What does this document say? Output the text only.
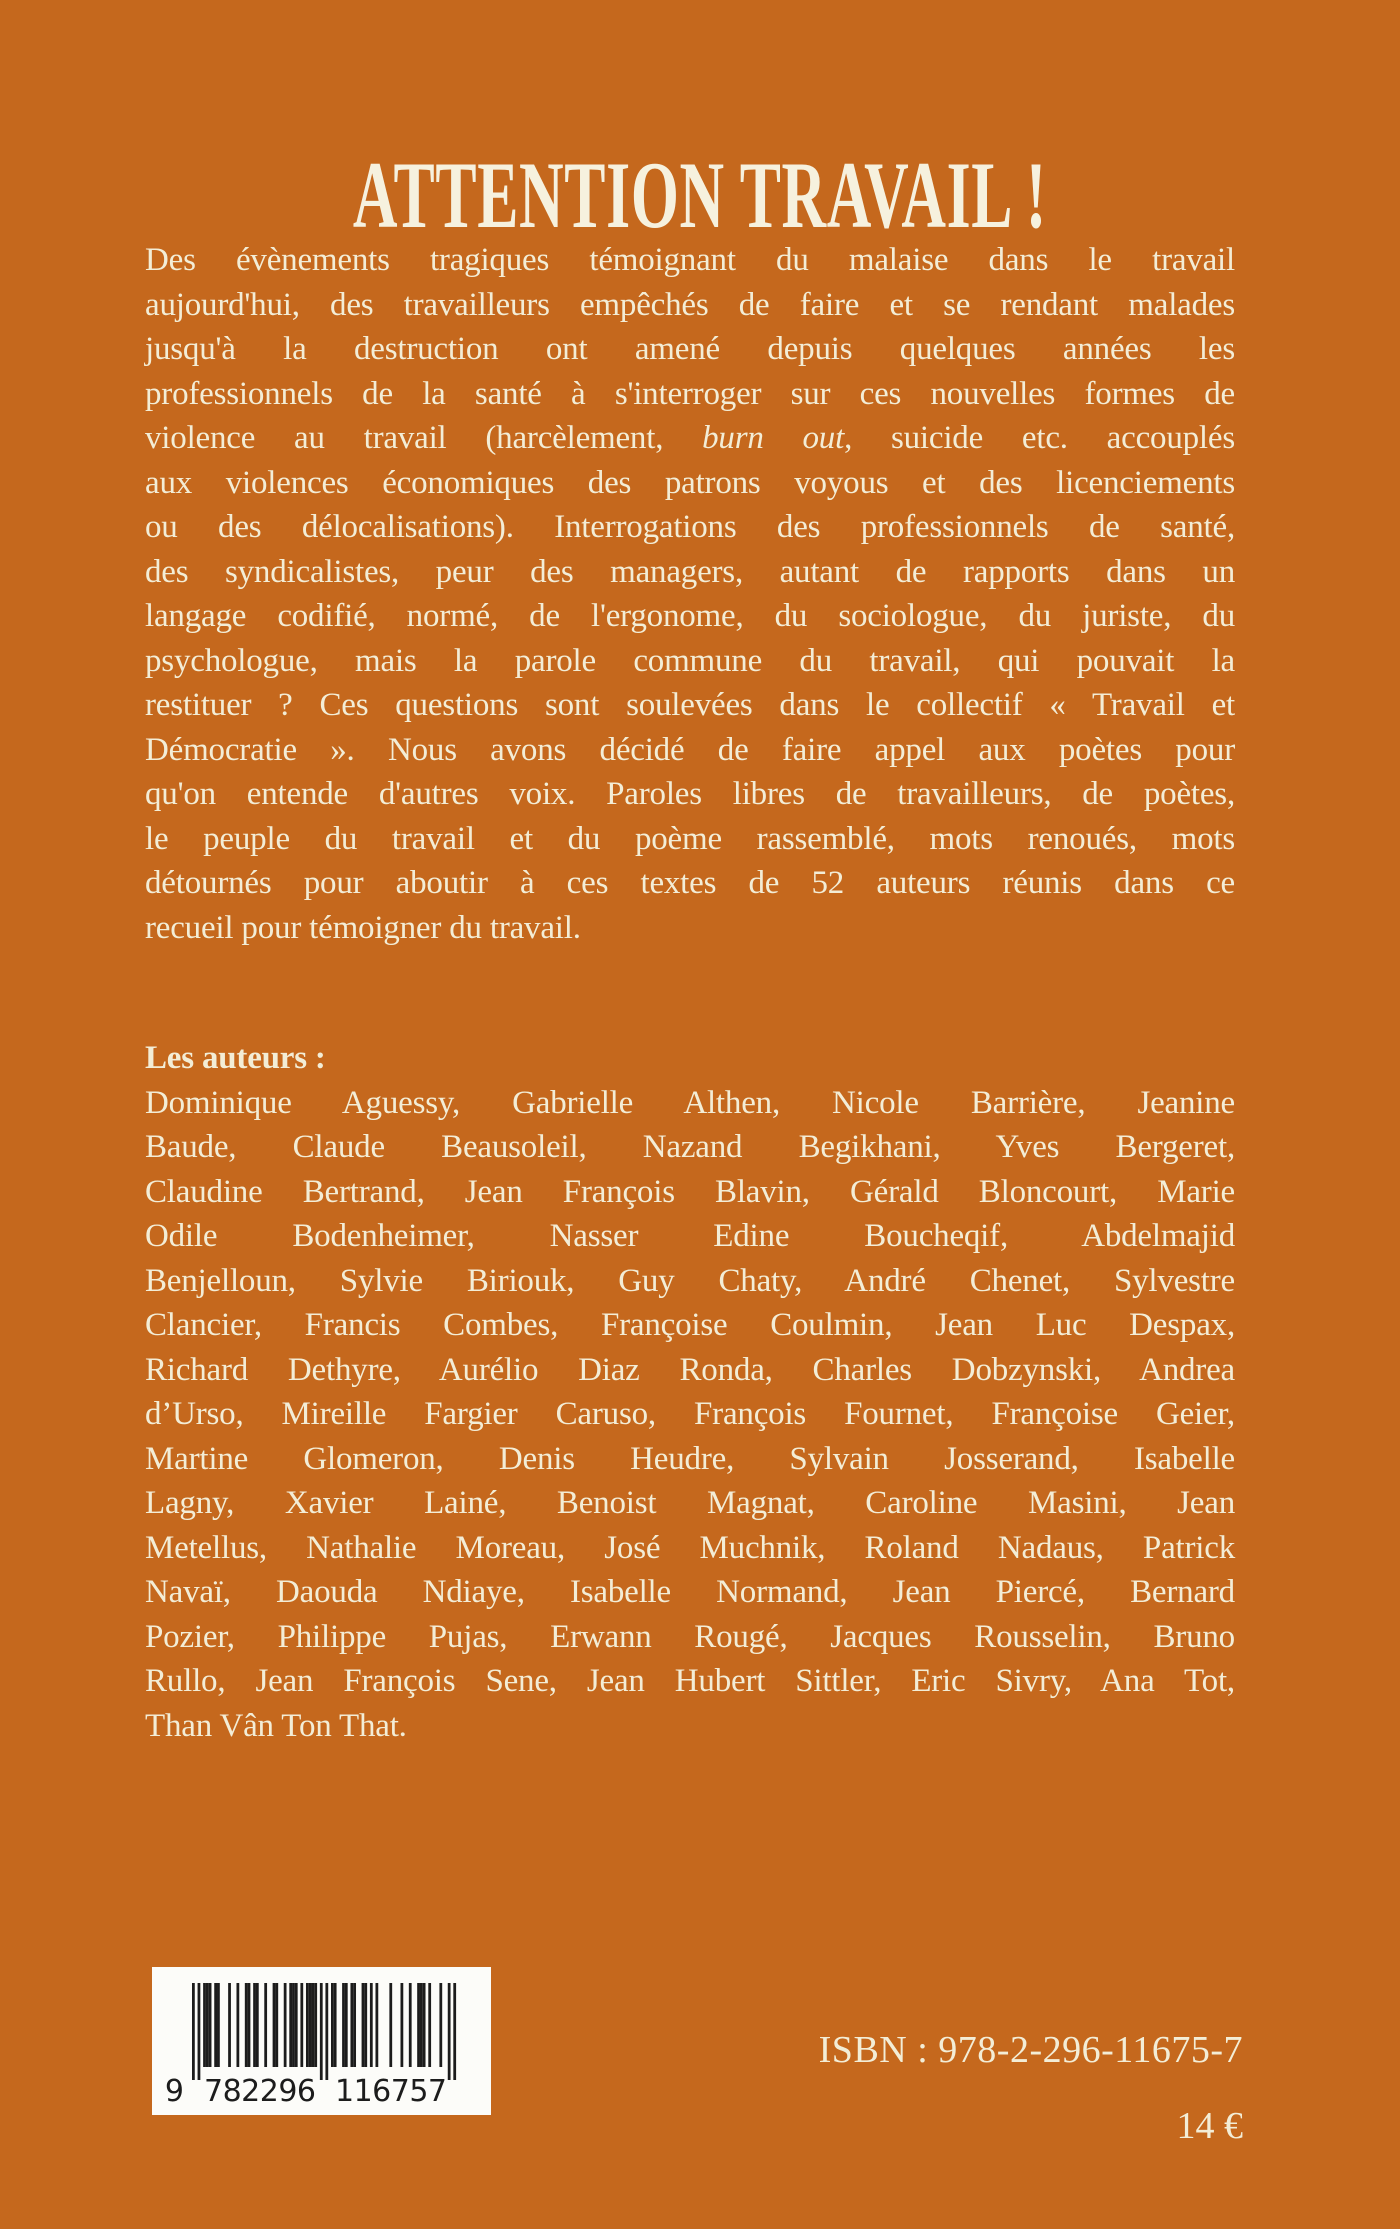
ATTENTION TRAVAIL !
Des évènements tragiques témoignant du malaise dans le travail
aujourd'hui, des travailleurs empêchés de faire et se rendant malades
jusqu'à la destruction ont amené depuis quelques années les
professionnels de la santé à s'interroger sur ces nouvelles formes de
violence au travail (harcèlement, burn out, suicide etc. accouplés
aux violences économiques des patrons voyous et des licenciements
ou des délocalisations). Interrogations des professionnels de santé,
des syndicalistes, peur des managers, autant de rapports dans un
langage codifié, normé, de l'ergonome, du sociologue, du juriste, du
psychologue, mais la parole commune du travail, qui pouvait la
restituer ? Ces questions sont soulevées dans le collectif « Travail et
Démocratie ». Nous avons décidé de faire appel aux poètes pour
qu'on entende d'autres voix. Paroles libres de travailleurs, de poètes,
le peuple du travail et du poème rassemblé, mots renoués, mots
détournés pour aboutir à ces textes de 52 auteurs réunis dans ce
recueil pour témoigner du travail.
Les auteurs :
Dominique Aguessy, Gabrielle Althen, Nicole Barrière, Jeanine
Baude, Claude Beausoleil, Nazand Begikhani, Yves Bergeret,
Claudine Bertrand, Jean François Blavin, Gérald Bloncourt, Marie
Odile Bodenheimer, Nasser Edine Boucheqif, Abdelmajid
Benjelloun, Sylvie Biriouk, Guy Chaty, André Chenet, Sylvestre
Clancier, Francis Combes, Françoise Coulmin, Jean Luc Despax,
Richard Dethyre, Aurélio Diaz Ronda, Charles Dobzynski, Andrea
d’Urso, Mireille Fargier Caruso, François Fournet, Françoise Geier,
Martine Glomeron, Denis Heudre, Sylvain Josserand, Isabelle
Lagny, Xavier Lainé, Benoist Magnat, Caroline Masini, Jean
Metellus, Nathalie Moreau, José Muchnik, Roland Nadaus, Patrick
Navaï, Daouda Ndiaye, Isabelle Normand, Jean Piercé, Bernard
Pozier, Philippe Pujas, Erwann Rougé, Jacques Rousselin, Bruno
Rullo, Jean François Sene, Jean Hubert Sittler, Eric Sivry, Ana Tot,
Than Vân Ton That.
9 782296 116757
ISBN : 978-2-296-11675-7
14 €
